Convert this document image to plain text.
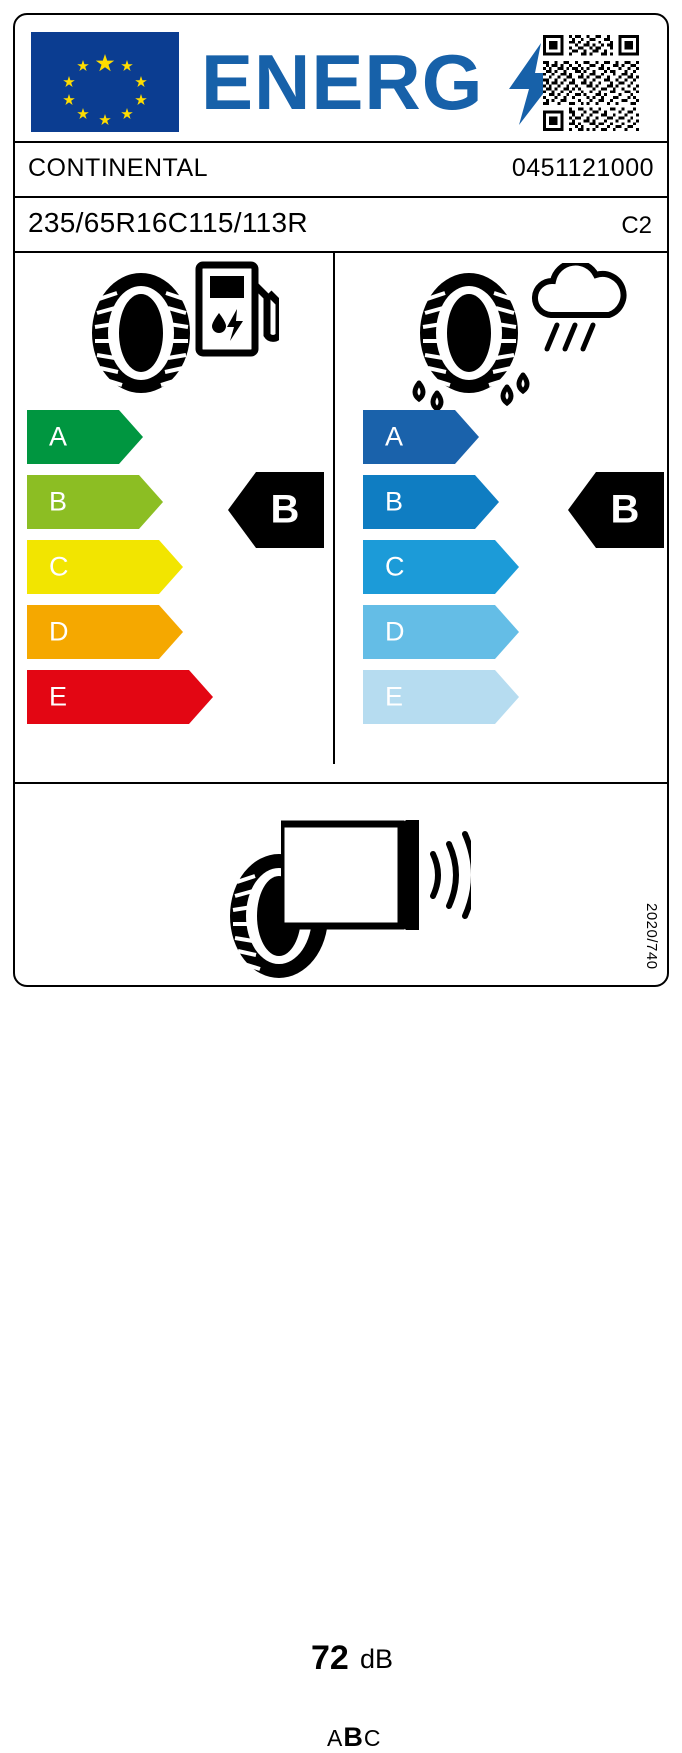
ENERG
CONTINENTAL	0451121000
235/65R16C115/113R	C2
A
B
C
D
E
B
A
B
C
D
E
B
72 dB
ABC
2020/740
